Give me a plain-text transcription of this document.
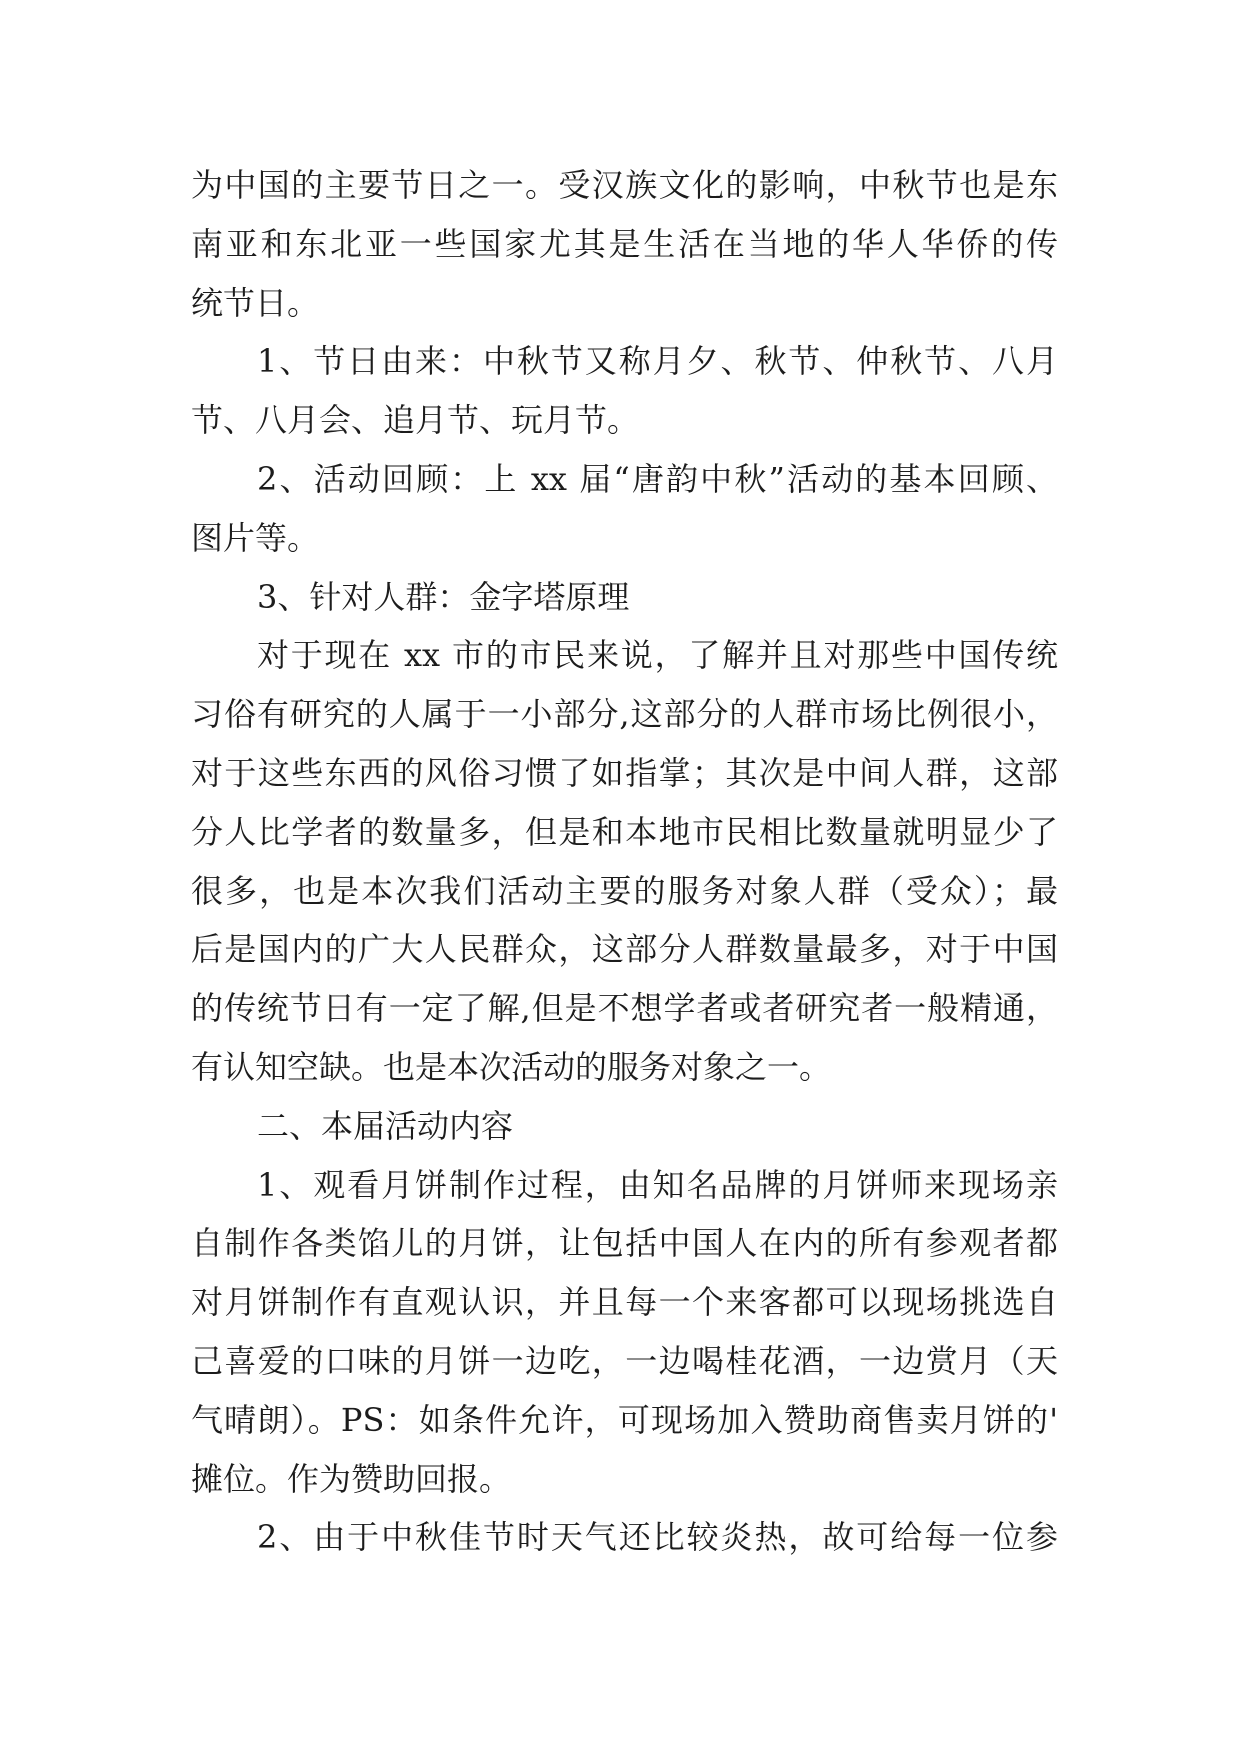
为中国的主要节日之一。受汉族文化的影响，中秋节也是东
南亚和东北亚一些国家尤其是生活在当地的华人华侨的传
统节日。
1、节日由来：中秋节又称月夕、秋节、仲秋节、八月
节、八月会、追月节、玩月节。
2、活动回顾：上 xx 届“唐韵中秋”活动的基本回顾、
图片等。
3、针对人群：金字塔原理
对于现在 xx 市的市民来说，了解并且对那些中国传统
习俗有研究的人属于一小部分,这部分的人群市场比例很小，
对于这些东西的风俗习惯了如指掌；其次是中间人群，这部
分人比学者的数量多，但是和本地市民相比数量就明显少了
很多，也是本次我们活动主要的服务对象人群（受众）；最
后是国内的广大人民群众，这部分人群数量最多，对于中国
的传统节日有一定了解,但是不想学者或者研究者一般精通，
有认知空缺。也是本次活动的服务对象之一。
二、本届活动内容
1、观看月饼制作过程，由知名品牌的月饼师来现场亲
自制作各类馅儿的月饼，让包括中国人在内的所有参观者都
对月饼制作有直观认识，并且每一个来客都可以现场挑选自
己喜爱的口味的月饼一边吃，一边喝桂花酒，一边赏月（天
气晴朗）。PS：如条件允许，可现场加入赞助商售卖月饼的'
摊位。作为赞助回报。
2、由于中秋佳节时天气还比较炎热，故可给每一位参
